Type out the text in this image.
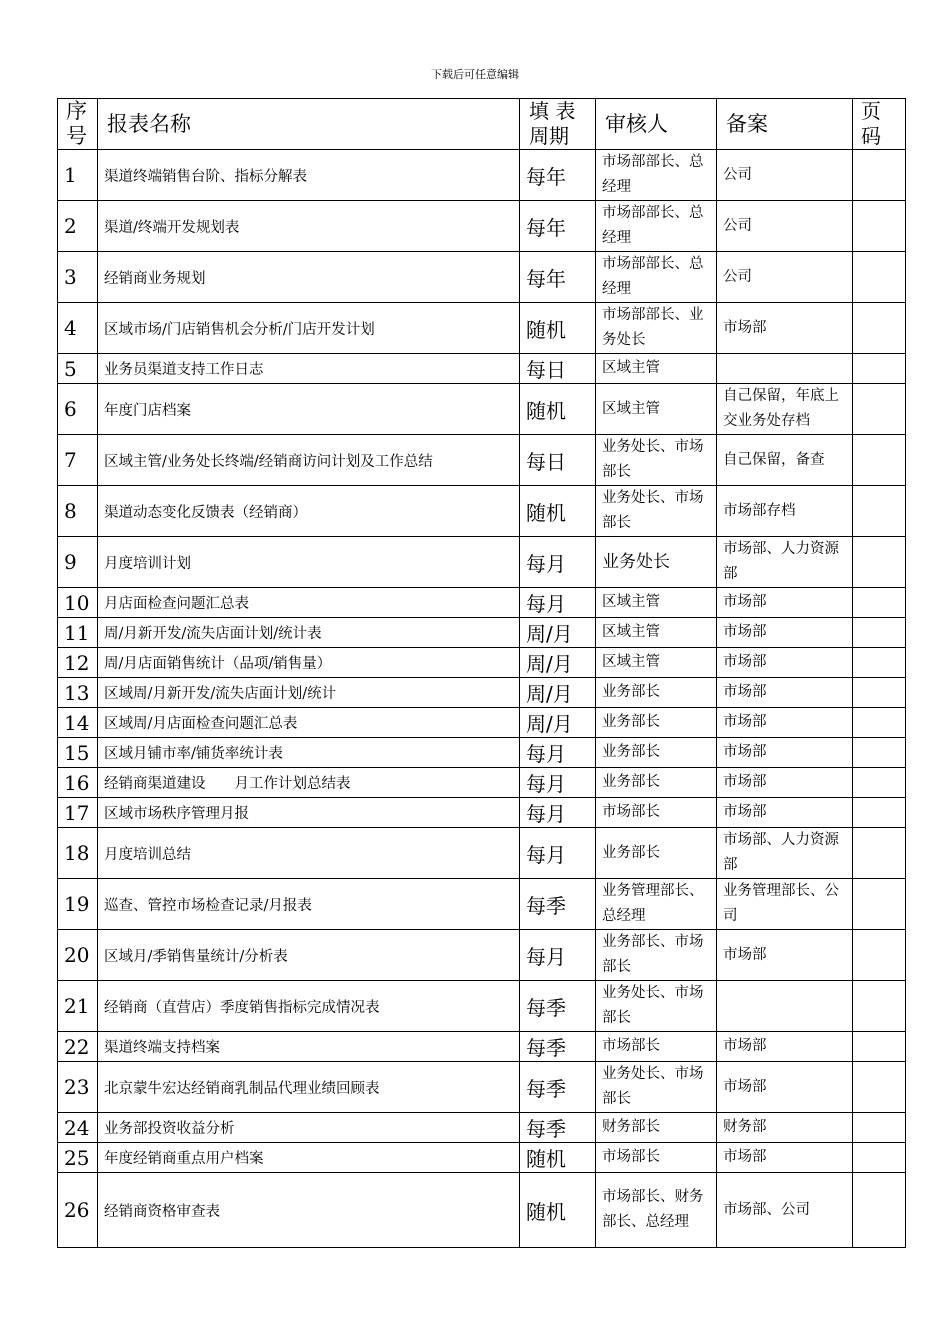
下载后可任意编辑
序号	报表名称	填 表 周期	审核人	备案	页码
1	渠道终端销售台阶、指标分解表	每年	市场部部长、总经理	公司	
2	渠道/终端开发规划表	每年	市场部部长、总经理	公司	
3	经销商业务规划	每年	市场部部长、总经理	公司	
4	区域市场/门店销售机会分析/门店开发计划	随机	市场部部长、业务处长	市场部	
5	业务员渠道支持工作日志	每日	区域主管		
6	年度门店档案	随机	区域主管	自己保留，年底上交业务处存档	
7	区域主管/业务处长终端/经销商访问计划及工作总结	每日	业务处长、市场部长	自己保留，备查	
8	渠道动态变化反馈表（经销商）	随机	业务处长、市场部长	市场部存档	
9	月度培训计划	每月	业务处长	市场部、人力资源部	
10	月店面检查问题汇总表	每月	区域主管	市场部	
11	周/月新开发/流失店面计划/统计表	周/月	区域主管	市场部	
12	周/月店面销售统计（品项/销售量）	周/月	区域主管	市场部	
13	区域周/月新开发/流失店面计划/统计	周/月	业务部长	市场部	
14	区域周/月店面检查问题汇总表	周/月	业务部长	市场部	
15	区域月铺市率/铺货率统计表	每月	业务部长	市场部	
16	经销商渠道建设　　月工作计划总结表	每月	业务部长	市场部	
17	区域市场秩序管理月报	每月	市场部长	市场部	
18	月度培训总结	每月	业务部长	市场部、人力资源部	
19	巡查、管控市场检查记录/月报表	每季	业务管理部长、总经理	业务管理部长、公司	
20	区域月/季销售量统计/分析表	每月	业务部长、市场部长	市场部	
21	经销商（直营店）季度销售指标完成情况表	每季	业务处长、市场部长		
22	渠道终端支持档案	每季	市场部长	市场部	
23	北京蒙牛宏达经销商乳制品代理业绩回顾表	每季	业务处长、市场部长	市场部	
24	业务部投资收益分析	每季	财务部长	财务部	
25	年度经销商重点用户档案	随机	市场部长	市场部	
26	经销商资格审查表	随机	市场部长、财务部长、总经理	市场部、公司	
